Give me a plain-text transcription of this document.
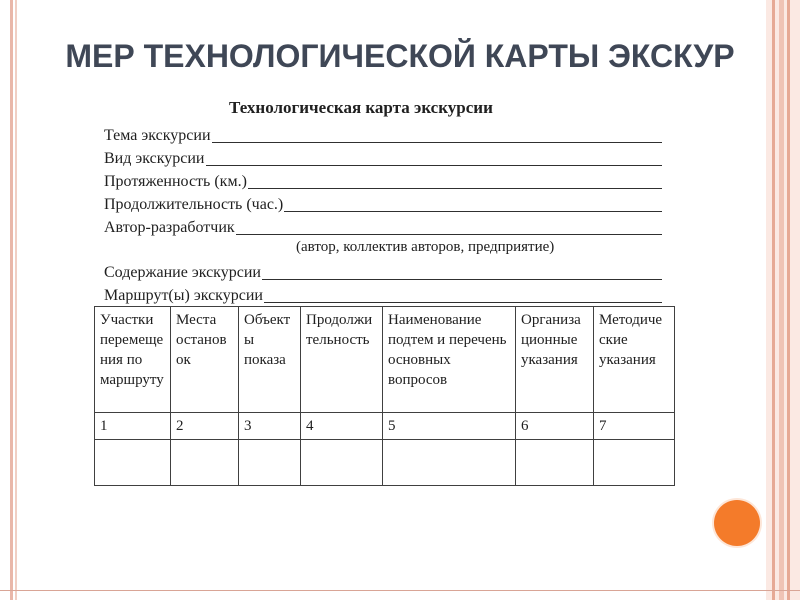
МЕР ТЕХНОЛОГИЧЕСКОЙ КАРТЫ ЭКСКУР
Технологическая карта экскурсии
Тема экскурсии
Вид экскурсии
Протяженность (км.)
Продолжительность (час.)
Автор-разработчик
(автор, коллектив авторов, предприятие)
Содержание экскурсии
Маршрут(ы) экскурсии
Участки перемещения по маршруту	Места остановок	Объекты показа	Продолжительность	Наименование подтем и перечень основных вопросов	Организационные указания	Методические указания
1	2	3	4	5	6	7
